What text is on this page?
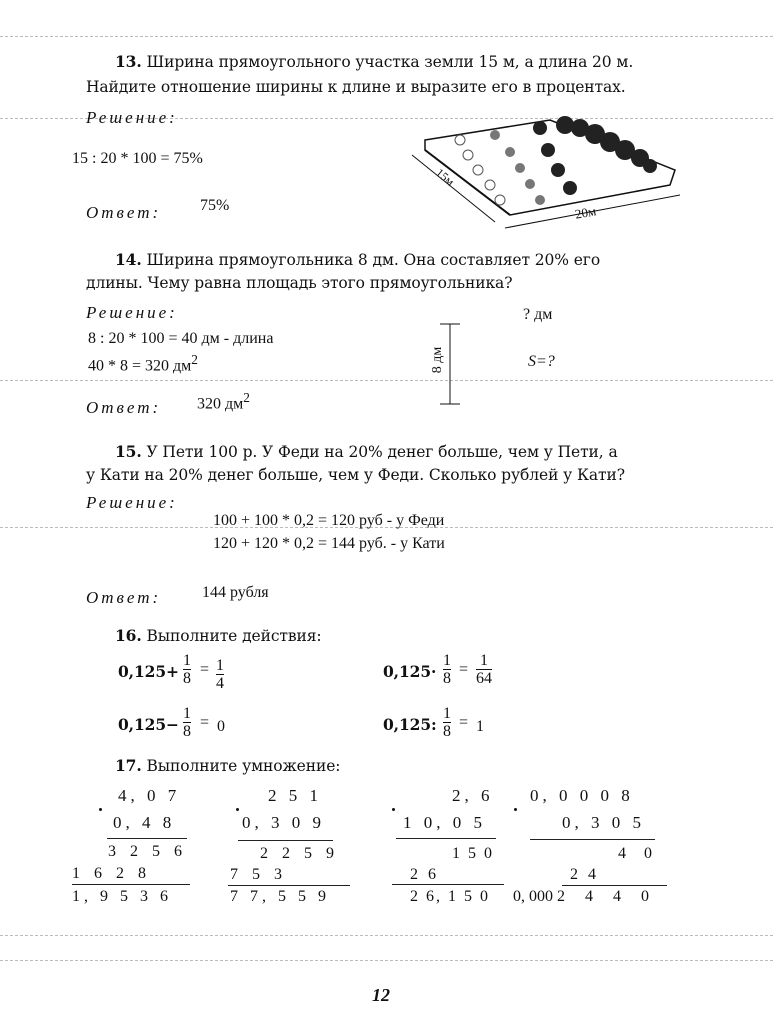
13. Ширина прямоугольного участка земли 15 м, а длина 20 м.
Найдите отношение ширины к длине и выразите его в процентах.
Решение:
15 : 20 * 100 = 75%
Ответ: 75%
15м
20м
14. Ширина прямоугольника 8 дм. Она составляет 20% его
длины. Чему равна площадь этого прямоугольника?
Решение:
8 : 20 * 100 = 40 дм - длина
40 * 8 = 320 $дм^2$
Ответ: 320 $дм^2$
8 дм
? дм
S=?
15. У Пети 100 р. У Феди на 20% денег больше, чем у Пети, а
у Кати на 20% денег больше, чем у Феди. Сколько рублей у Кати?
Решение:
100 + 100 * 0,2 = 120 руб - у Феди
120 + 120 * 0,2 = 144 руб. - у Кати
Ответ:	144 рубля
16. Выполните действия:
0,125+
1
8
= 1
4
0,125·
1
8
=
1
64
0,125−
1
8
= 0	0,125:
1
8
= 1
17. Выполните умножение:
4, 0 7
0, 4 8
3 2 5 6
1 6 2 8
1, 9 5 3 6
2 5 1
0, 3 0 9
2 2 5 9
7 5 3
7 7, 5 5 9
2, 6
1 0, 0 5
1 5 0
2 6
2 6, 1 5 0
0, 0 0 0 8
0, 3 0 5
4 0
2 4
0, 000 2 4 4 0
12
